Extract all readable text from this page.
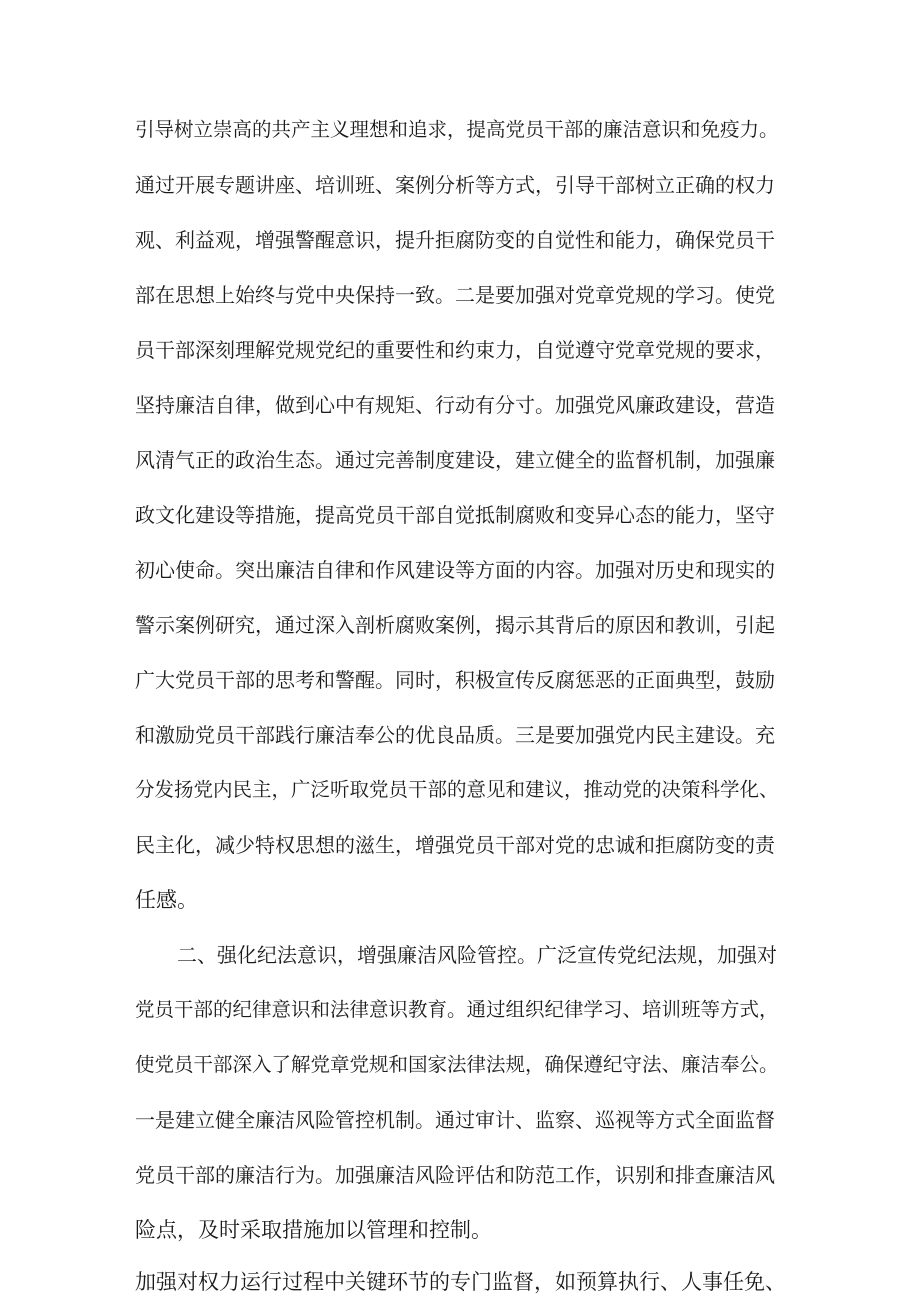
引导树立崇高的共产主义理想和追求，提高党员干部的廉洁意识和免疫力。
通过开展专题讲座、培训班、案例分析等方式，引导干部树立正确的权力
观、利益观，增强警醒意识，提升拒腐防变的自觉性和能力，确保党员干
部在思想上始终与党中央保持一致。二是要加强对党章党规的学习。使党
员干部深刻理解党规党纪的重要性和约束力，自觉遵守党章党规的要求，
坚持廉洁自律，做到心中有规矩、行动有分寸。加强党风廉政建设，营造
风清气正的政治生态。通过完善制度建设，建立健全的监督机制，加强廉
政文化建设等措施，提高党员干部自觉抵制腐败和变异心态的能力，坚守
初心使命。突出廉洁自律和作风建设等方面的内容。加强对历史和现实的
警示案例研究，通过深入剖析腐败案例，揭示其背后的原因和教训，引起
广大党员干部的思考和警醒。同时，积极宣传反腐惩恶的正面典型，鼓励
和激励党员干部践行廉洁奉公的优良品质。三是要加强党内民主建设。充
分发扬党内民主，广泛听取党员干部的意见和建议，推动党的决策科学化、
民主化，减少特权思想的滋生，增强党员干部对党的忠诚和拒腐防变的责
任感。
二、强化纪法意识，增强廉洁风险管控。广泛宣传党纪法规，加强对
党员干部的纪律意识和法律意识教育。通过组织纪律学习、培训班等方式，
使党员干部深入了解党章党规和国家法律法规，确保遵纪守法、廉洁奉公。
一是建立健全廉洁风险管控机制。通过审计、监察、巡视等方式全面监督
党员干部的廉洁行为。加强廉洁风险评估和防范工作，识别和排查廉洁风
险点，及时采取措施加以管理和控制。
加强对权力运行过程中关键环节的专门监督，如预算执行、人事任免、
